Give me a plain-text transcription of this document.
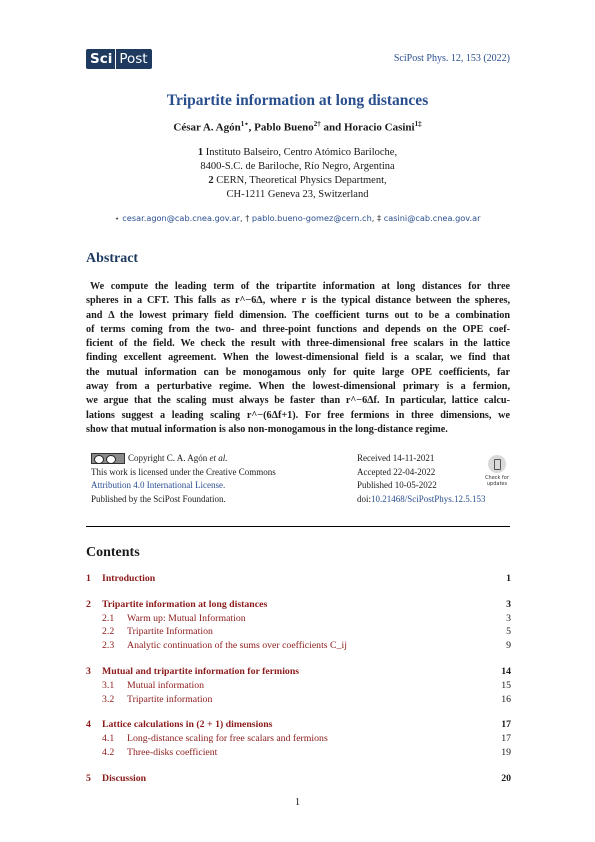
Sci Post	SciPost Phys. 12, 153 (2022)
Tripartite information at long distances
César A. Agón$^{1⋆}$, Pablo Bueno$^{2\dagger}$ and Horacio Casini$^{1\ddagger}$
1 Instituto Balseiro, Centro Atómico Bariloche,
8400-S.C. de Bariloche, Río Negro, Argentina
2 CERN, Theoretical Physics Department,
CH-1211 Geneva 23, Switzerland
⋆ cesar.agon@cab.cnea.gov.ar, † pablo.bueno-gomez@cern.ch, ‡ casini@cab.cnea.gov.ar
Abstract
We compute the leading term of the tripartite information at long distances for three
spheres in a CFT. This falls as r^−6Δ, where r is the typical distance between the spheres,
and Δ the lowest primary field dimension. The coefficient turns out to be a combination
of terms coming from the two- and three-point functions and depends on the OPE coef-
ficient of the field. We check the result with three-dimensional free scalars in the lattice
finding excellent agreement. When the lowest-dimensional field is a scalar, we find that
the mutual information can be monogamous only for quite large OPE coefficients, far
away from a perturbative regime. When the lowest-dimensional primary is a fermion,
we argue that the scaling must always be faster than r^−6Δf. In particular, lattice calcu-
lations suggest a leading scaling r^−(6Δf+1). For free fermions in three dimensions, we
show that mutual information is also non-monogamous in the long-distance regime.
Copyright C. A. Agón et al.
This work is licensed under the Creative Commons
Attribution 4.0 International License.
Published by the SciPost Foundation.
Received 14-11-2021
Accepted 22-04-2022
Published 10-05-2022
doi:10.21468/SciPostPhys.12.5.153
Check for
updates
Contents
1 Introduction	1
2 Tripartite information at long distances	3
2.1 Warm up: Mutual Information	3
2.2 Tripartite Information	5
2.3 Analytic continuation of the sums over coefficients C_ij	9
3 Mutual and tripartite information for fermions	14
3.1 Mutual information	15
3.2 Tripartite information	16
4 Lattice calculations in (2 + 1) dimensions	17
4.1 Long-distance scaling for free scalars and fermions	17
4.2 Three-disks coefficient	19
5 Discussion	20
1
